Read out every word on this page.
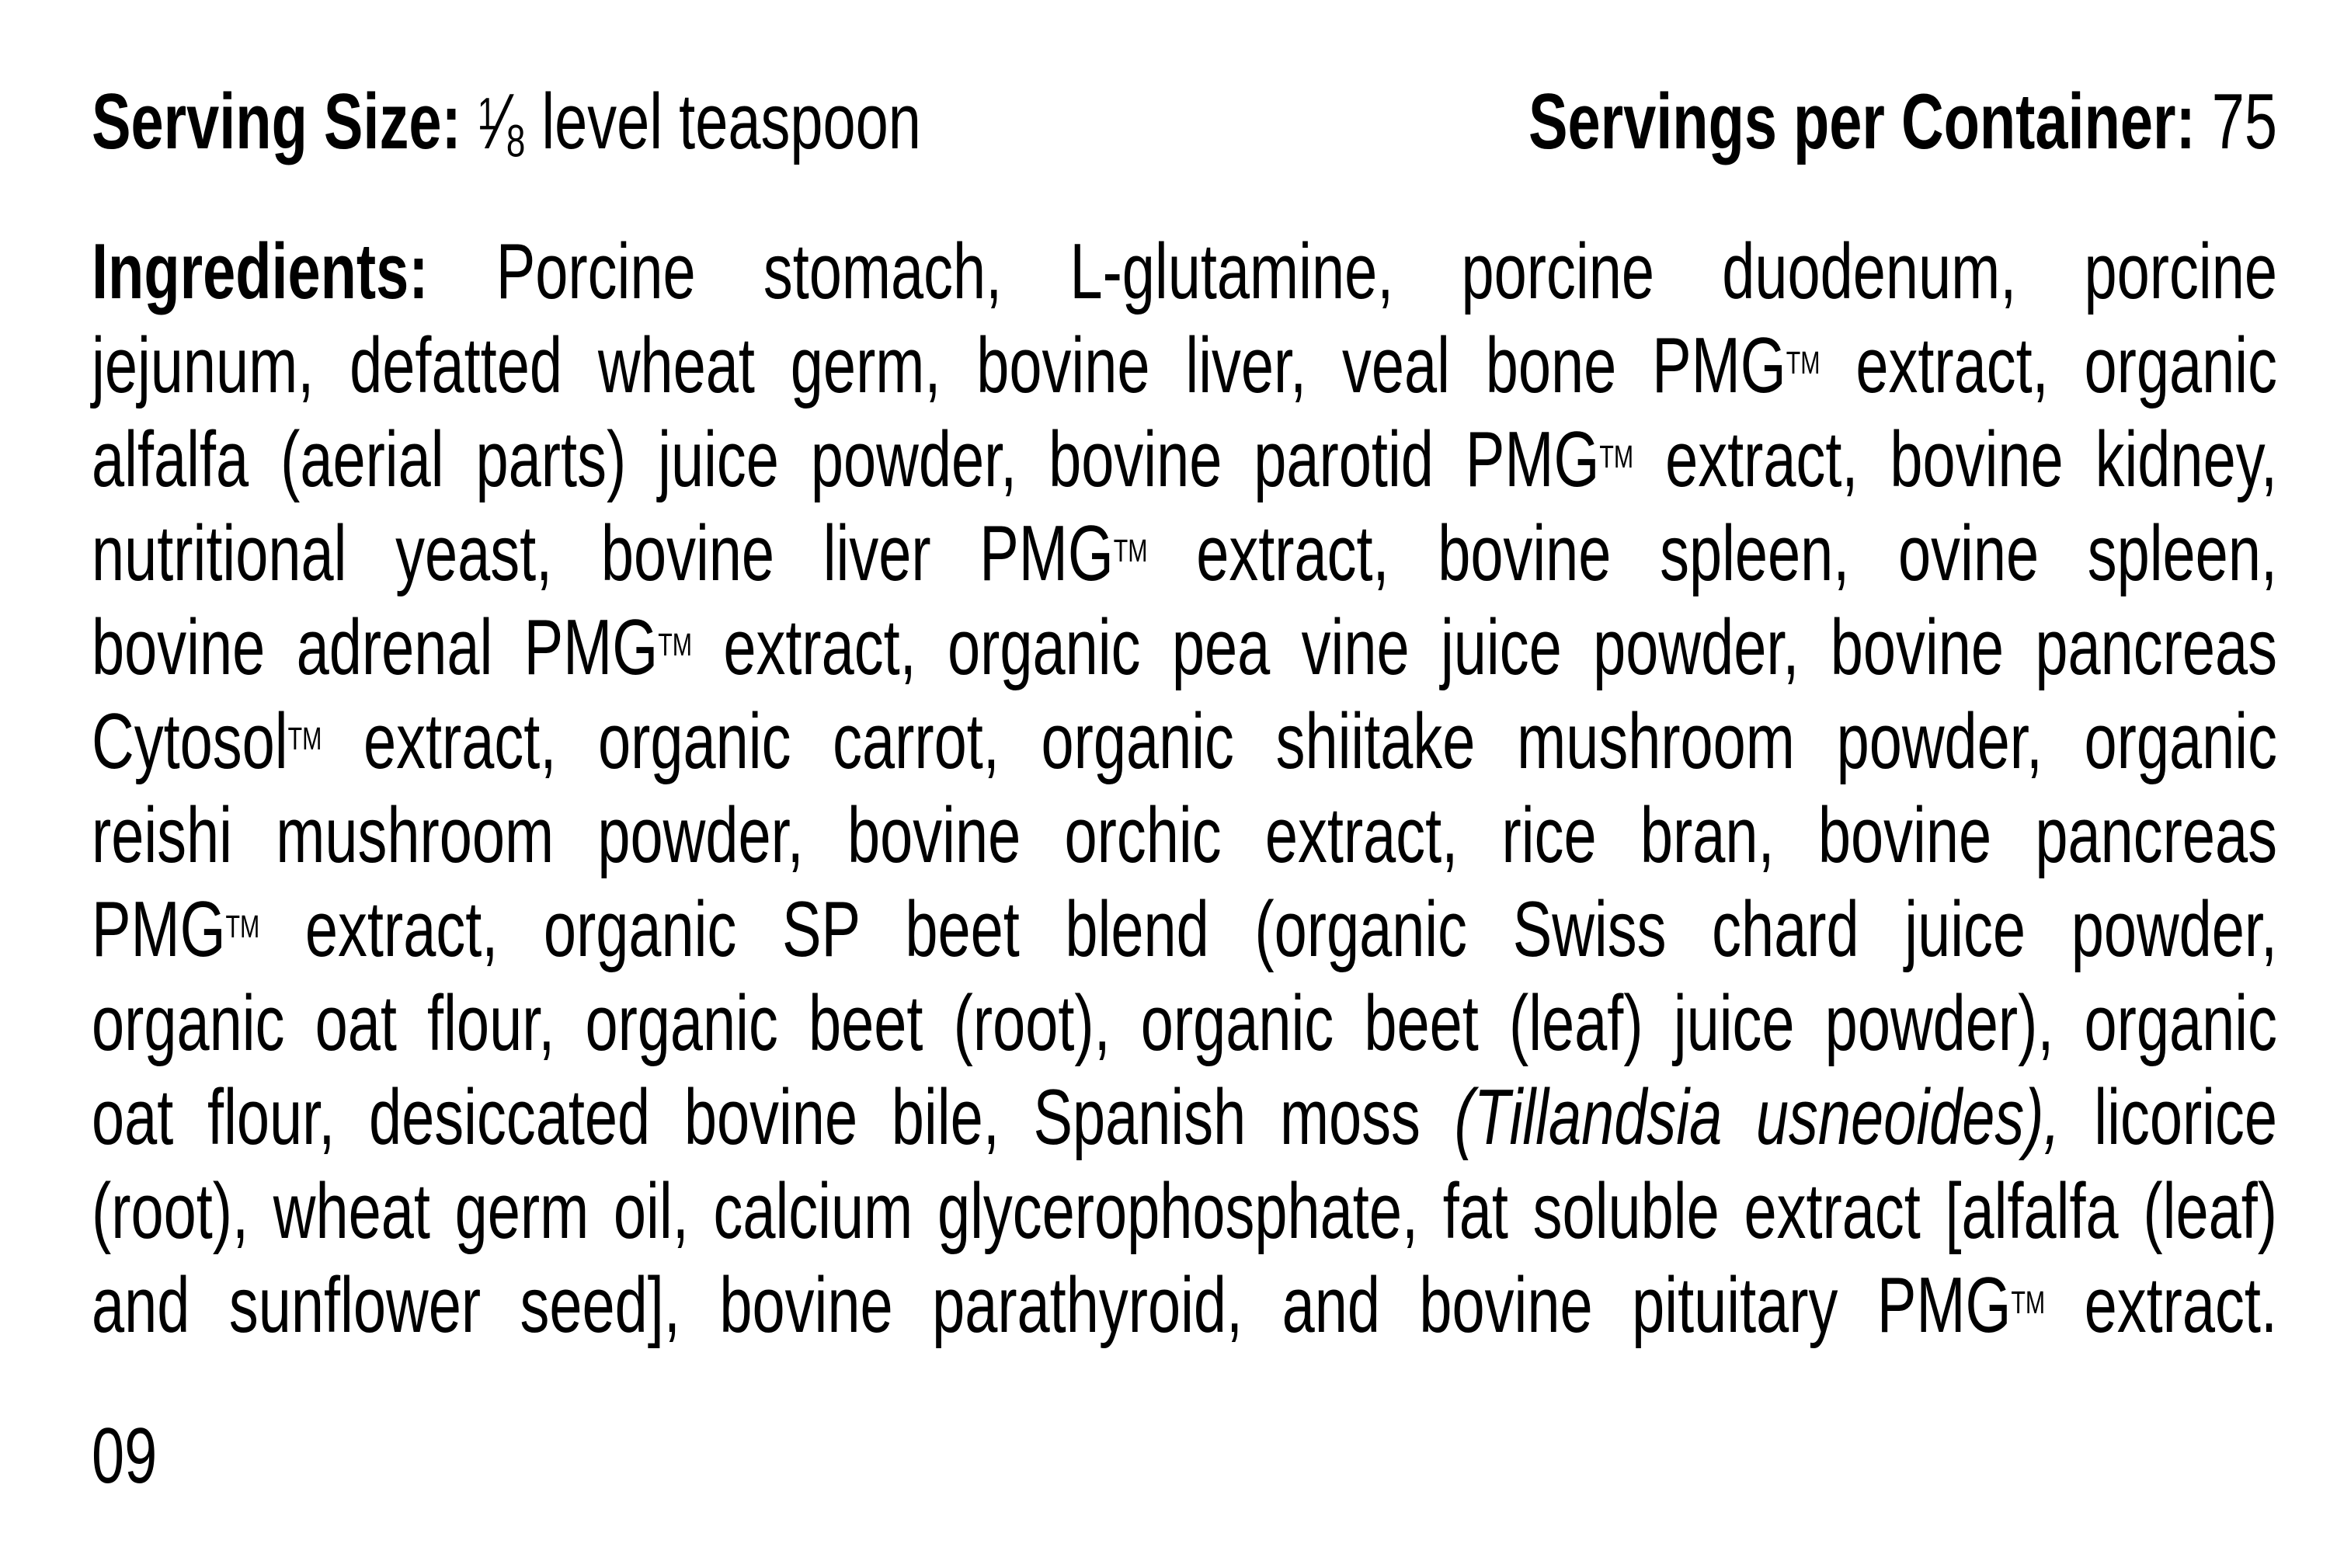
Serving Size: $^1$⁄8 level teaspoon	Servings per Container: 75

Ingredients: Porcine stomach, L-glutamine, porcine duodenum, porcine
jejunum, defatted wheat germ, bovine liver, veal bone PMG™ extract, organic
alfalfa (aerial parts) juice powder, bovine parotid PMG™ extract, bovine kidney,
nutritional yeast, bovine liver PMG™ extract, bovine spleen, ovine spleen,
bovine adrenal PMG™ extract, organic pea vine juice powder, bovine pancreas
Cytosol™ extract, organic carrot, organic shiitake mushroom powder, organic
reishi mushroom powder, bovine orchic extract, rice bran, bovine pancreas
PMG™ extract, organic SP beet blend (organic Swiss chard juice powder,
organic oat flour, organic beet (root), organic beet (leaf) juice powder), organic
oat flour, desiccated bovine bile, Spanish moss (Tillandsia usneoides), licorice
(root), wheat germ oil, calcium glycerophosphate, fat soluble extract [alfalfa (leaf)
and sunflower seed], bovine parathyroid, and bovine pituitary PMG™ extract.

09
